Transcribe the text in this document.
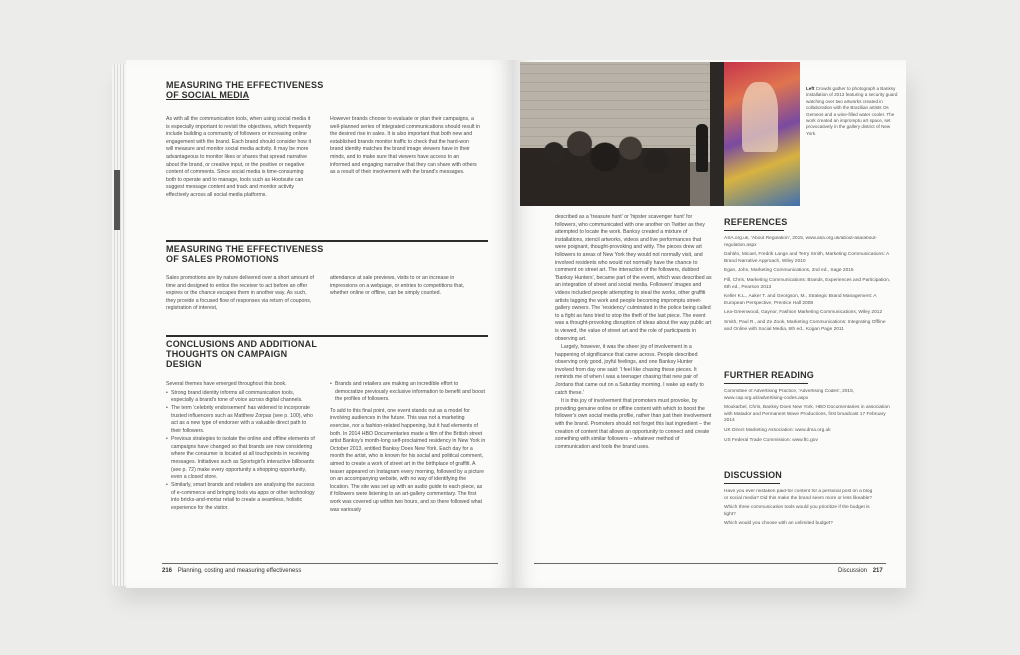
MEASURING THE EFFECTIVENESS
OF SOCIAL MEDIA
As with all the communication tools, when using social media it is especially important to revisit the objectives, which frequently include building a community of followers or increasing online engagement with the brand. Each brand should consider how it will measure and monitor social media activity. It may be more advantageous to monitor likes or shares that spread narrative about the brand, or creative input, or the positive or negative content of comments. Since social media is time-consuming both to operate and to manage, tools such as Hootsuite can suggest message content and track and monitor activity effectively across all social media platforms.
However brands choose to evaluate or plan their campaigns, a well-planned series of integrated communications should result in the desired rise in sales. It is also important that both new and established brands monitor traffic to check that the hard-won brand identity matches the brand image viewers have in their minds, and to make sure that viewers have access to an informed and engaging narrative that they can share with others as a result of their involvement with the brand's messages.
MEASURING THE EFFECTIVENESS
OF SALES PROMOTIONS
Sales promotions are by nature delivered over a short amount of time and designed to entice the receiver to act before an offer expires or the chance escapes them in another way. As such, they provide a focused flow of responses via return of coupons, registration of interest,
attendance at sale previews, visits to or an increase in impressions on a webpage, or entries to competitions that, whether online or offline, can be simply counted.
CONCLUSIONS AND ADDITIONAL
THOUGHTS ON CAMPAIGN
DESIGN

Several themes have emerged throughout this book.

• Strong brand identity informs all communication tools, especially a brand's tone of voice across digital channels.
• The term 'celebrity endorsement' has widened to incorporate trusted influencers such as Matthew Zorpas (see p. 100), who act as a new type of endorser with a valuable direct path to their followers.
• Previous strategies to isolate the online and offline elements of campaigns have changed so that brands are now considering where the consumer is located at all touchpoints in receiving messages. Initiatives such as Sportsgirl's interactive billboards (see p. 72) make every opportunity a shopping opportunity, even a closed store.
• Similarly, smart brands and retailers are analysing the success of e-commerce and bringing tools via apps or other technology into bricks-and-mortar retail to create a seamless, holistic experience for the visitor.
• Brands and retailers are making an incredible effort to democratize previously exclusive information to benefit and boost the profiles of followers.

To add to this final point, one event stands out as a model for involving audiences in the future. This was not a marketing exercise, nor a fashion-related happening, but it had elements of both. In 2014 HBO Documentaries made a film of the British street artist Banksy's month-long self-proclaimed residency in New York in October 2013, entitled Banksy Does New York. Each day for a month the artist, who is known for his social and political comment, aimed to create a work of street art in the birthplace of graffiti. A teaser appeared on Instagram every morning, followed by a picture on an accompanying website, with no way of identifying the location. The site was set up with an audio guide to each piece, as if followers were listening to an art-gallery commentary. The first work was covered up within two hours, and so there followed what was variously

216 Planning, costing and measuring effectiveness
Left Crowds gather to photograph a Banksy installation of 2013 featuring a security guard watching over two artworks created in collaboration with the Brazilian artists Os Gemeos and a wine-filled water cooler. The work created an impromptu art space, set provocatively in the gallery district of New York.

described as a 'treasure hunt' or 'hipster scavenger hunt' for followers, who communicated with one another on Twitter as they attempted to locate the work. Banksy created a mixture of installations, stencil artworks, videos and live performances that were poignant, thought-provoking and witty. The pieces drew art followers to areas of New York they would not normally visit, and involved residents who would not normally have the chance to comment on street art. The interaction of the followers, dubbed 'Banksy Hunters', became part of the event, which was described as an integration of street and social media. Followers' images and videos included people attempting to steal the works, other graffiti artists tagging the work and people becoming impromptu street-gallery owners. The 'residency' culminated in the police being called to a fight as fans tried to stop the theft of the last piece. The event was a thought-provoking disruption of ideas about the way public art is viewed, the value of street art and the role of participants in observing art.

Largely, however, it was the sheer joy of involvement in a happening of significance that came across. People described observing only good, joyful feelings, and one Banksy Hunter involved from day one said: 'I feel like chasing these pieces. It reminds me of when I was a teenager chasing that new pair of Jordans that came out on a Saturday morning. I wake up early to catch these.'

It is this joy of involvement that promoters must provoke, by providing genuine online or offline content with which to boost the follower's own social media profile, rather than just their involvement with the brand. Promoters should not forget this last ingredient – the creation of content that allows an opportunity to connect and create something with similar followers – whatever method of communication and tools the brand uses.

REFERENCES

ASA.org.uk, 'About Regulation', 2015, www.asa.org.uk/about-asa/about-regulation.aspx

Dahlén, Micael, Fredrik Lange and Terry Smith, Marketing Communications: A Brand Narrative Approach, Wiley 2010

Egan, John, Marketing Communications, 2nd ed., Sage 2015

Fill, Chris, Marketing Communications: Brands, Experiences and Participation, 6th ed., Pearson 2013

Keller K.L., Aaker T. and Georgson, M., Strategic Brand Management: A European Perspective, Prentice Hall 2008

Lea-Greenwood, Gaynor, Fashion Marketing Communications, Wiley 2012

Smith, Paul R., and Ze Zook, Marketing Communications: Integrating Offline and Online with Social Media, 5th ed., Kogan Page 2011

FURTHER READING

Committee of Advertising Practice, 'Advertising Codes', 2015, www.cap.org.uk/advertising-codes.aspx

Moukarbel, Chris, Banksy Does New York, HBO Documentaries in association with Matador and Permanent Wave Productions, first broadcast 17 February 2014

UK Direct Marketing Association: www.dma.org.uk

US Federal Trade Commission: www.ftc.gov

DISCUSSION

Have you ever mistaken paid-for content for a personal post on a blog or social media? Did this make the brand seem more or less likeable?

Which three communication tools would you prioritize if the budget is tight?

Which would you choose with an unlimited budget?

Discussion 217
